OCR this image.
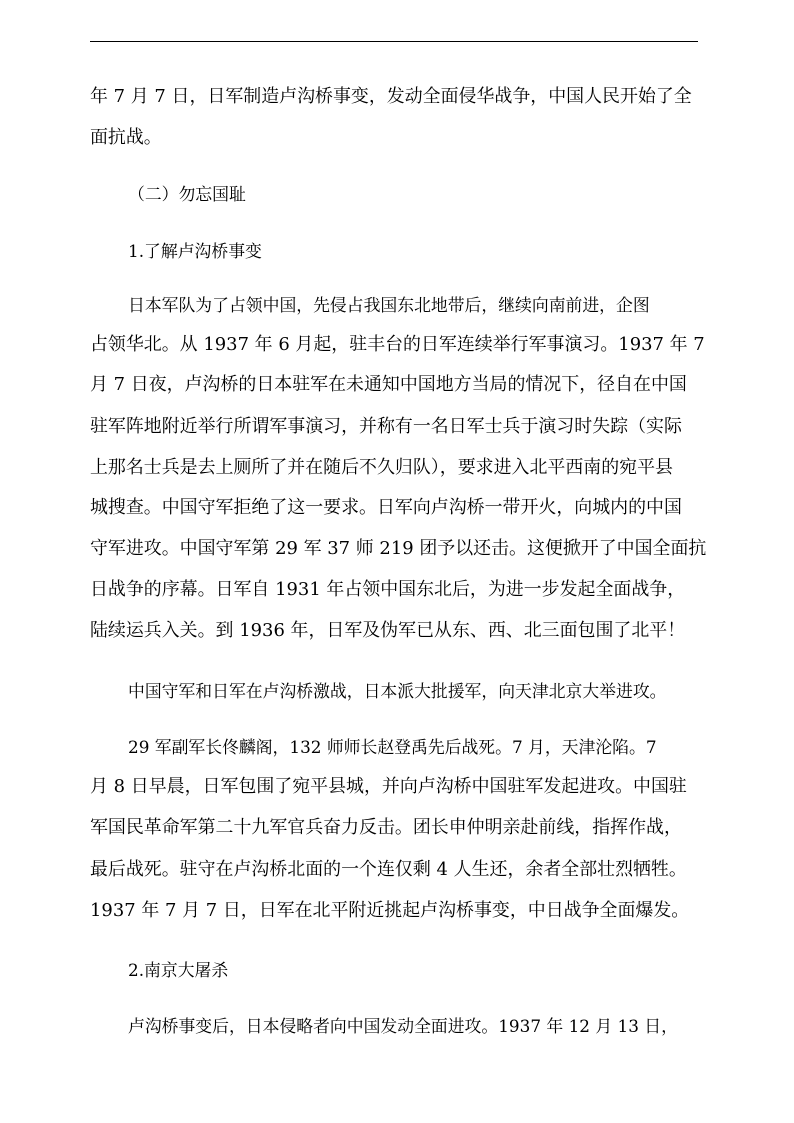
年 7 月 7 日，日军制造卢沟桥事变，发动全面侵华战争，中国人民开始了全
面抗战。
（二）勿忘国耻
1.了解卢沟桥事变
日本军队为了占领中国，先侵占我国东北地带后，继续向南前进，企图
占领华北。从 1937 年 6 月起，驻丰台的日军连续举行军事演习。1937 年 7
月 7 日夜，卢沟桥的日本驻军在未通知中国地方当局的情况下，径自在中国
驻军阵地附近举行所谓军事演习，并称有一名日军士兵于演习时失踪（实际
上那名士兵是去上厕所了并在随后不久归队），要求进入北平西南的宛平县
城搜查。中国守军拒绝了这一要求。日军向卢沟桥一带开火，向城内的中国
守军进攻。中国守军第 29 军 37 师 219 团予以还击。这便掀开了中国全面抗
日战争的序幕。日军自 1931 年占领中国东北后，为进一步发起全面战争，
陆续运兵入关。到 1936 年，日军及伪军已从东、西、北三面包围了北平！
中国守军和日军在卢沟桥激战，日本派大批援军，向天津北京大举进攻。
29 军副军长佟麟阁，132 师师长赵登禹先后战死。7 月，天津沦陷。7
月 8 日早晨，日军包围了宛平县城，并向卢沟桥中国驻军发起进攻。中国驻
军国民革命军第二十九军官兵奋力反击。团长申仲明亲赴前线，指挥作战，
最后战死。驻守在卢沟桥北面的一个连仅剩 4 人生还，余者全部壮烈牺牲。
1937 年 7 月 7 日，日军在北平附近挑起卢沟桥事变，中日战争全面爆发。
2.南京大屠杀
卢沟桥事变后，日本侵略者向中国发动全面进攻。1937 年 12 月 13 日，
